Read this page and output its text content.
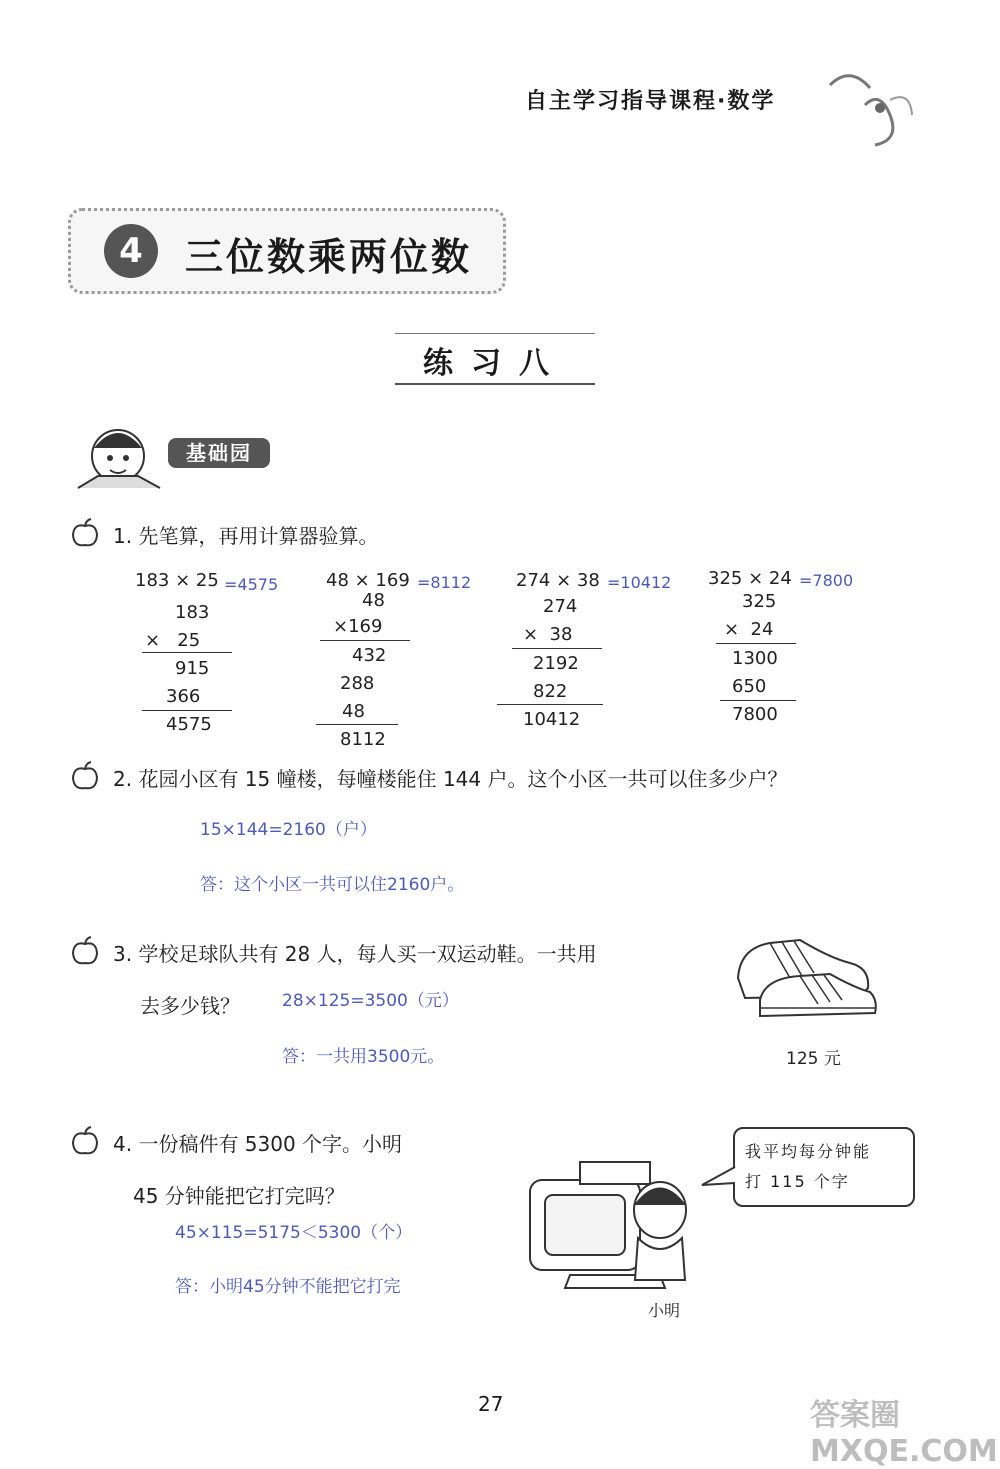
自主学习指导课程·数学
4	三位数乘两位数
练习八
基础园
1. 先笔算，再用计算器验算。
183 × 25 =4575
183
×   25
915
366
4575
48 × 169 =8112
48
×169
432
288
48
8112
274 × 38 =10412
274
×  38
2192
822
10412
325 × 24 =7800
325
×  24
1300
650
7800
2. 花园小区有 15 幢楼，每幢楼能住 144 户。这个小区一共可以住多少户？
15×144=2160（户）
答：这个小区一共可以住2160户。
3. 学校足球队共有 28 人，每人买一双运动鞋。一共用
去多少钱？ 28×125=3500（元）
答：一共用3500元。	125 元
4. 一份稿件有 5300 个字。小明
45 分钟能把它打完吗？
45×115=5175＜5300（个）
答：小明45分钟不能把它打完
小明
我平均每分钟能
打 115 个字
27	答案圈 MXQE.COM
